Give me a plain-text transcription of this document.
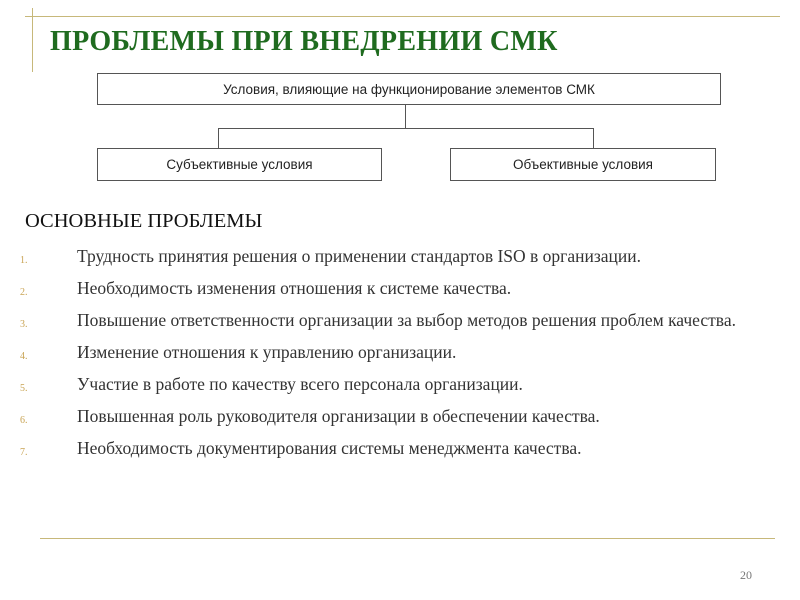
ПРОБЛЕМЫ ПРИ ВНЕДРЕНИИ СМК
Условия, влияющие на функционирование элементов СМК
Субъективные условия	Объективные условия
ОСНОВНЫЕ ПРОБЛЕМЫ
1.	Трудность принятия решения о применении стандартов ISO в организации.
2.	Необходимость изменения отношения к системе качества.
3.	Повышение ответственности организации за выбор методов решения проблем качества.
4.	Изменение отношения к управлению организации.
5.	Участие в работе по качеству всего персонала организации.
6.	Повышенная роль руководителя организации в обеспечении качества.
7.	Необходимость документирования системы менеджмента качества.
20
